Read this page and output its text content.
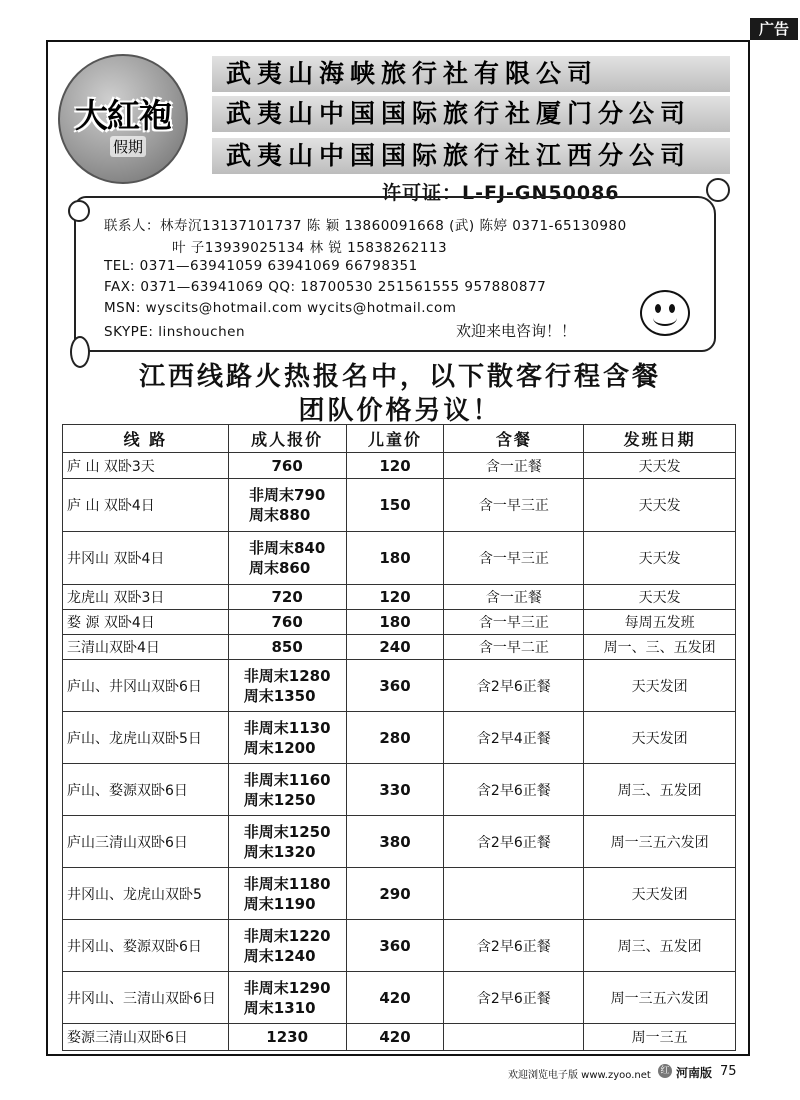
广告
大紅袍
假期
武夷山海峡旅行社有限公司
武夷山中国国际旅行社厦门分公司
武夷山中国国际旅行社江西分公司
许可证：L-FJ-GN50086
联系人：林寿沉13137101737 陈 颖 13860091668 (武) 陈婷 0371-65130980
叶 子13939025134 林 锐 15838262113
TEL: 0371—63941059 63941069 66798351
FAX: 0371—63941069 QQ: 18700530 251561555 957880877
MSN: wyscits@hotmail.com wycits@hotmail.com
SKYPE: linshouchen	欢迎来电咨询！！
江西线路火热报名中，以下散客行程含餐
团队价格另议！
线 路	成人报价	儿童价	含餐	发班日期
庐 山 双卧3天	760	120	含一正餐	天天发
庐 山 双卧4日	非周末790
周末880	150	含一早三正	天天发
井冈山 双卧4日	非周末840
周末860	180	含一早三正	天天发
龙虎山 双卧3日	720	120	含一正餐	天天发
婺 源 双卧4日	760	180	含一早三正	每周五发班
三清山双卧4日	850	240	含一早二正	周一、三、五发团
庐山、井冈山双卧6日	非周末1280
周末1350	360	含2早6正餐	天天发团
庐山、龙虎山双卧5日	非周末1130
周末1200	280	含2早4正餐	天天发团
庐山、婺源双卧6日	非周末1160
周末1250	330	含2早6正餐	周三、五发团
庐山三清山双卧6日	非周末1250
周末1320	380	含2早6正餐	周一三五六发团
井冈山、龙虎山双卧5	非周末1180
周末1190	290		天天发团
井冈山、婺源双卧6日	非周末1220
周末1240	360	含2早6正餐	周三、五发团
井冈山、三清山双卧6日	非周末1290
周末1310	420	含2早6正餐	周一三五六发团
婺源三清山双卧6日	1230	420		周一三五
欢迎浏览电子版 www.zyoo.net 红 河南版 75
